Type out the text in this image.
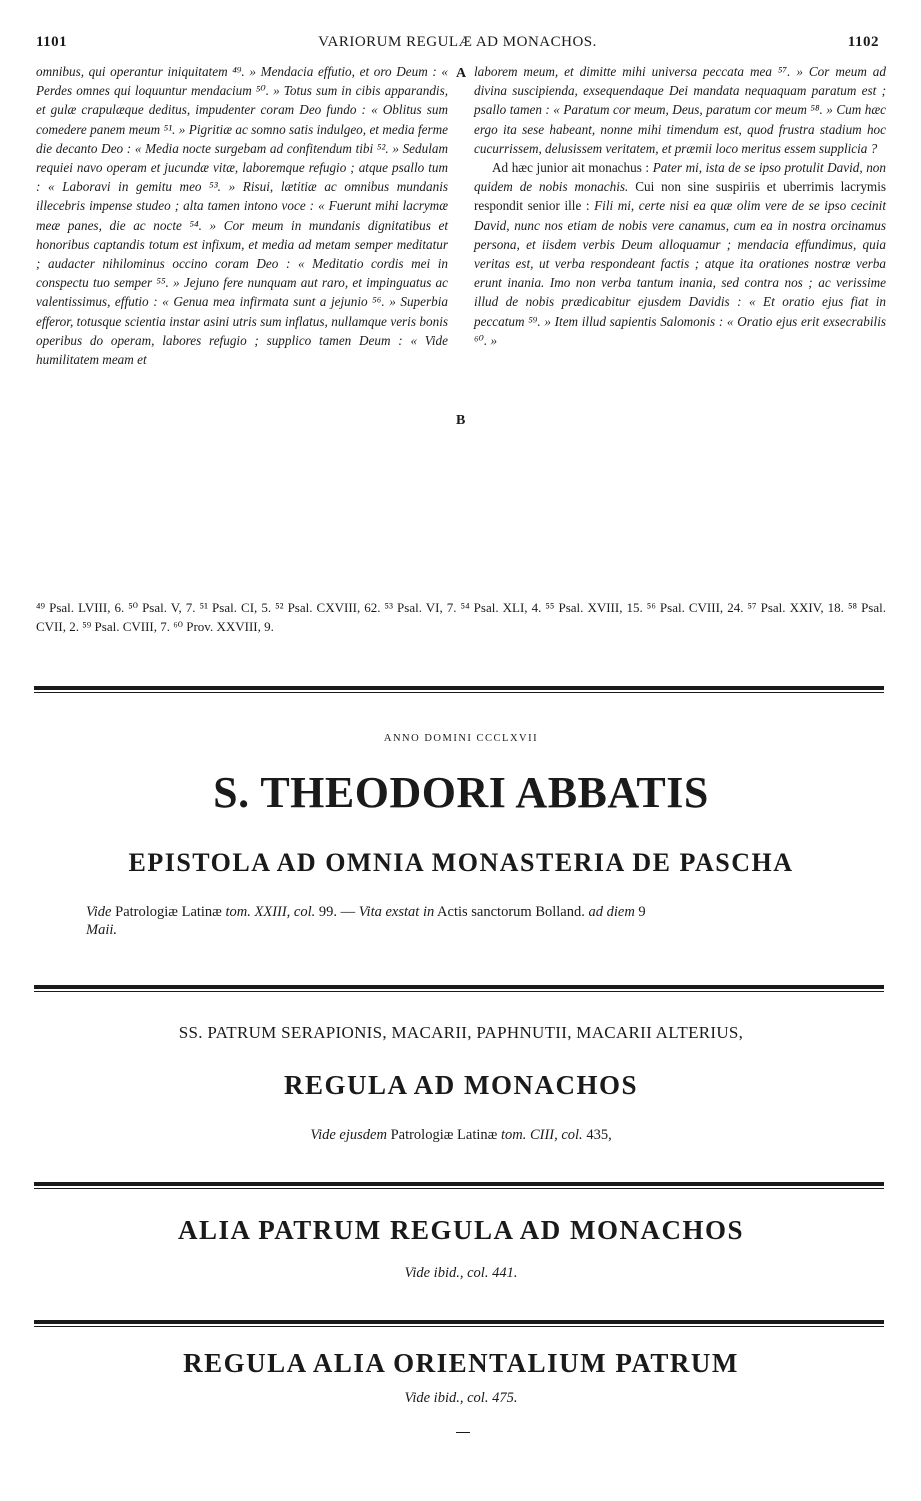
1101	VARIORUM REGULÆ AD MONACHOS.	1102
A
B

omnibus, qui operantur iniquitatem ⁴⁹. » Mendacia effutio, et oro Deum : « Perdes omnes qui loquuntur mendacium ⁵⁰. » Totus sum in cibis apparandis, et gulæ crapulæque deditus, impudenter coram Deo fundo : « Oblitus sum comedere panem meum ⁵¹. » Pigritiæ ac somno satis indulgeo, et media ferme die decanto Deo : « Media nocte surgebam ad confitendum tibi ⁵². » Sedulam requiei navo operam et jucundæ vitæ, laboremque refugio ; atque psallo tum : « Laboravi in gemitu meo ⁵³. » Risui, lætitiæ ac omnibus mundanis illecebris impense studeo ; alta tamen intono voce : « Fuerunt mihi lacrymæ meæ panes, die ac nocte ⁵⁴. » Cor meum in mundanis dignitatibus et honoribus captandis totum est infixum, et media ad metam semper meditatur ; audacter nihilominus occino coram Deo : « Meditatio cordis mei in conspectu tuo semper ⁵⁵. » Jejuno fere nunquam aut raro, et impinguatus ac valentissimus, effutio : « Genua mea infirmata sunt a jejunio ⁵⁶. » Superbia efferor, totusque scientia instar asini utris sum inflatus, nullamque veris bonis operibus do operam, labores refugio ; supplico tamen Deum : « Vide humilitatem meam et

laborem meum, et dimitte mihi universa peccata mea ⁵⁷. » Cor meum ad divina suscipienda, exsequendaque Dei mandata nequaquam paratum est ; psallo tamen : « Paratum cor meum, Deus, paratum cor meum ⁵⁸. » Cum hæc ergo ita sese habeant, nonne mihi timendum est, quod frustra stadium hoc cucurrissem, delusissem veritatem, et præmii loco meritus essem supplicia ?

Ad hæc junior ait monachus : Pater mi, ista de se ipso protulit David, non quidem de nobis monachis. Cui non sine suspiriis et uberrimis lacrymis respondit senior ille : Fili mi, certe nisi ea quæ olim vere de se ipso cecinit David, nunc nos etiam de nobis vere canamus, cum ea in nostra orcinamus persona, et iisdem verbis Deum alloquamur ; mendacia effundimus, quia veritas est, ut verba respondeant factis ; atque ita orationes nostræ verba erunt inania. Imo non verba tantum inania, sed contra nos ; ac verissime illud de nobis prædicabitur ejusdem Davidis : « Et oratio ejus fiat in peccatum ⁵⁹. » Item illud sapientis Salomonis : « Oratio ejus erit exsecrabilis ⁶⁰. »

⁴⁹ Psal. LVIII, 6. ⁵⁰ Psal. V, 7. ⁵¹ Psal. CI, 5. ⁵² Psal. CXVIII, 62. ⁵³ Psal. VI, 7. ⁵⁴ Psal. XLI, 4. ⁵⁵ Psal. XVIII, 15. ⁵⁶ Psal. CVIII, 24. ⁵⁷ Psal. XXIV, 18. ⁵⁸ Psal. CVII, 2. ⁵⁹ Psal. CVIII, 7. ⁶⁰ Prov. XXVIII, 9.

ANNO DOMINI CCCLXVII
S. THEODORI ABBATIS
EPISTOLA AD OMNIA MONASTERIA DE PASCHA
Vide Patrologiæ Latinæ tom. XXIII, col. 99. — Vita exstat in Actis sanctorum Bolland. ad diem 9
Maii.
SS. PATRUM SERAPIONIS, MACARII, PAPHNUTII, MACARII ALTERIUS,
REGULA AD MONACHOS
Vide ejusdem Patrologiæ Latinæ tom. CIII, col. 435,
ALIA PATRUM REGULA AD MONACHOS
Vide ibid., col. 441.
REGULA ALIA ORIENTALIUM PATRUM
Vide ibid., col. 475.
